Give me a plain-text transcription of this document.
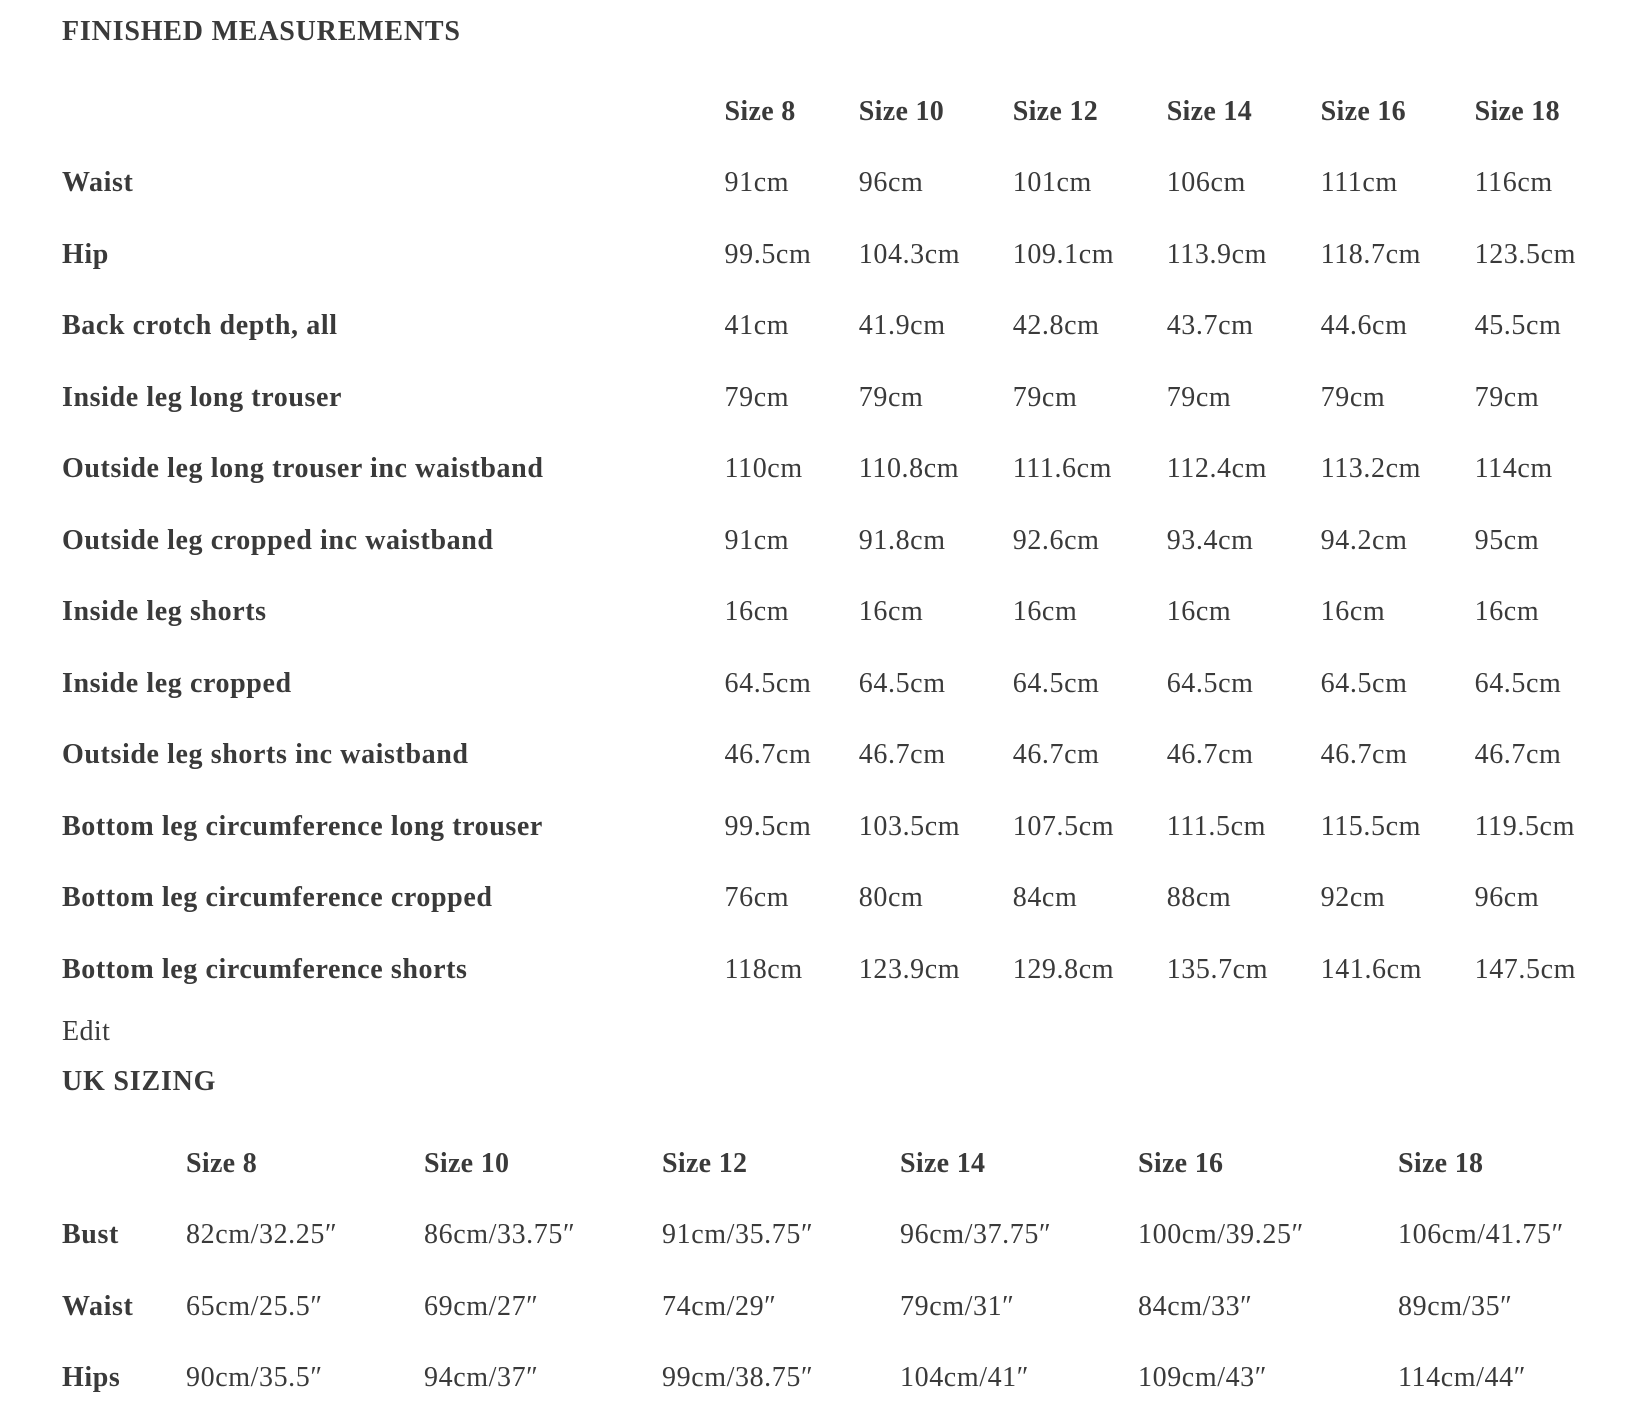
FINISHED MEASUREMENTS
	Size 8	Size 10	Size 12	Size 14	Size 16	Size 18
Waist	91cm	96cm	101cm	106cm	111cm	116cm
Hip	99.5cm	104.3cm	109.1cm	113.9cm	118.7cm	123.5cm
Back crotch depth, all	41cm	41.9cm	42.8cm	43.7cm	44.6cm	45.5cm
Inside leg long trouser	79cm	79cm	79cm	79cm	79cm	79cm
Outside leg long trouser inc waistband	110cm	110.8cm	111.6cm	112.4cm	113.2cm	114cm
Outside leg cropped inc waistband	91cm	91.8cm	92.6cm	93.4cm	94.2cm	95cm
Inside leg shorts	16cm	16cm	16cm	16cm	16cm	16cm
Inside leg cropped	64.5cm	64.5cm	64.5cm	64.5cm	64.5cm	64.5cm
Outside leg shorts inc waistband	46.7cm	46.7cm	46.7cm	46.7cm	46.7cm	46.7cm
Bottom leg circumference long trouser	99.5cm	103.5cm	107.5cm	111.5cm	115.5cm	119.5cm
Bottom leg circumference cropped	76cm	80cm	84cm	88cm	92cm	96cm
Bottom leg circumference shorts	118cm	123.9cm	129.8cm	135.7cm	141.6cm	147.5cm
Edit
UK SIZING
	Size 8	Size 10	Size 12	Size 14	Size 16	Size 18
Bust	82cm/32.25″	86cm/33.75″	91cm/35.75″	96cm/37.75″	100cm/39.25″	106cm/41.75″
Waist	65cm/25.5″	69cm/27″	74cm/29″	79cm/31″	84cm/33″	89cm/35″
Hips	90cm/35.5″	94cm/37″	99cm/38.75″	104cm/41″	109cm/43″	114cm/44″
